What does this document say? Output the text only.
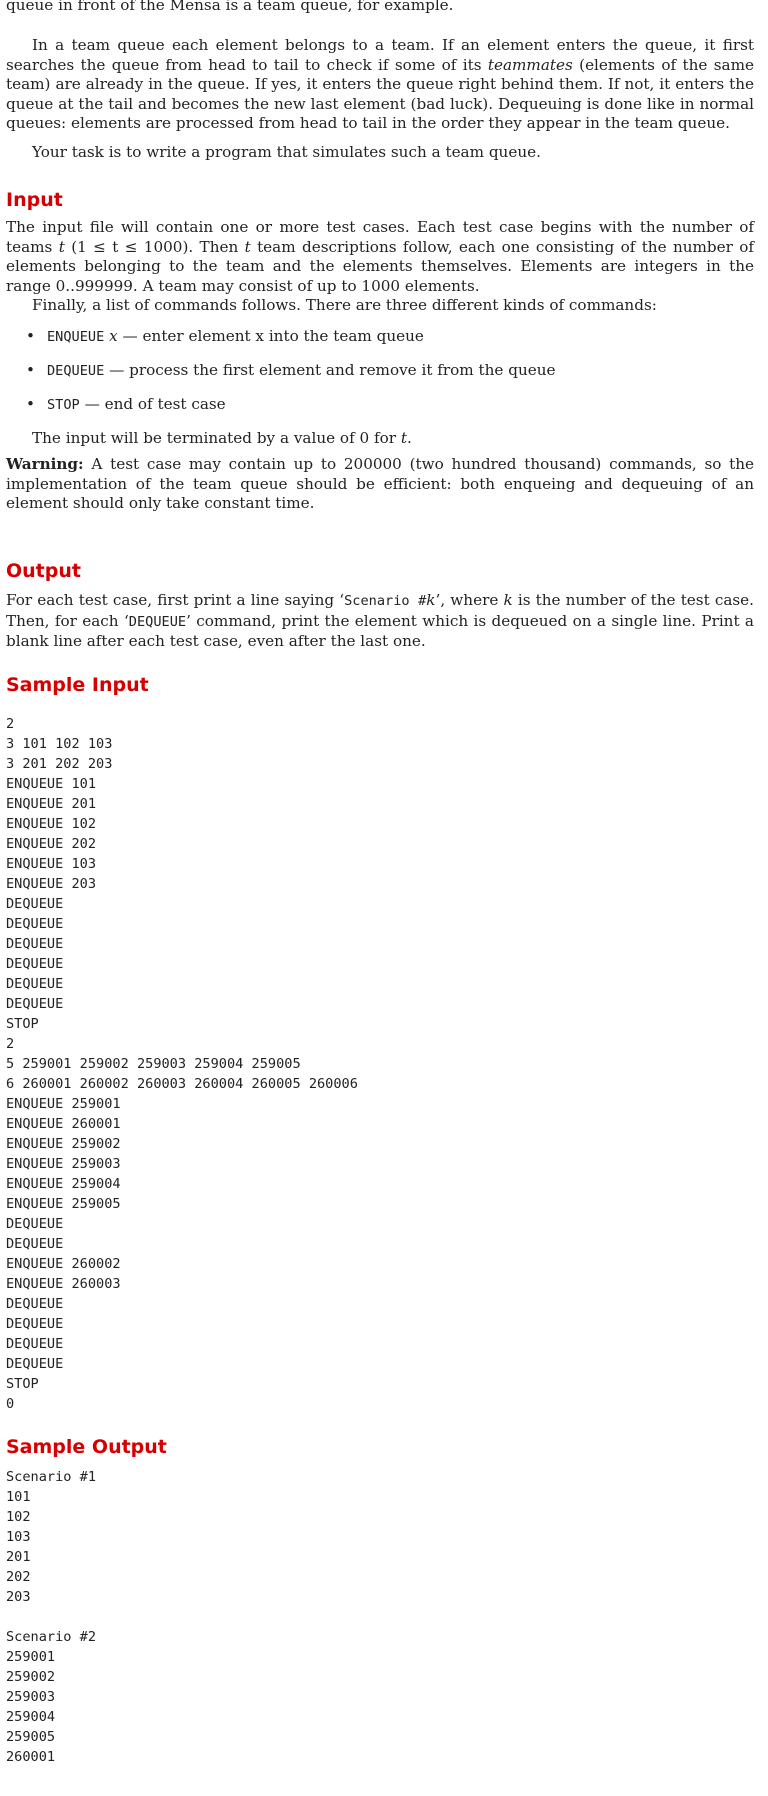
queue in front of the Mensa is a team queue, for example.

In a team queue each element belongs to a team. If an element enters the queue, it first searches the queue from head to tail to check if some of its teammates (elements of the same team) are already in the queue. If yes, it enters the queue right behind them. If not, it enters the queue at the tail and becomes the new last element (bad luck). Dequeuing is done like in normal queues: elements are processed from head to tail in the order they appear in the team queue.

Your task is to write a program that simulates such a team queue.

Input

The input file will contain one or more test cases. Each test case begins with the number of teams t (1 ≤ t ≤ 1000). Then t team descriptions follow, each one consisting of the number of elements belonging to the team and the elements themselves. Elements are integers in the range 0..999999. A team may consist of up to 1000 elements.

Finally, a list of commands follows. There are three different kinds of commands:

• ENQUEUE x — enter element x into the team queue
• DEQUEUE — process the first element and remove it from the queue
• STOP — end of test case

The input will be terminated by a value of 0 for t.

Warning: A test case may contain up to 200000 (two hundred thousand) commands, so the implementation of the team queue should be efficient: both enqueing and dequeuing of an element should only take constant time.

Output

For each test case, first print a line saying ‘Scenario #k’, where k is the number of the test case. Then, for each ‘DEQUEUE’ command, print the element which is dequeued on a single line. Print a blank line after each test case, even after the last one.

Sample Input
2
3 101 102 103
3 201 202 203
ENQUEUE 101
ENQUEUE 201
ENQUEUE 102
ENQUEUE 202
ENQUEUE 103
ENQUEUE 203
DEQUEUE
DEQUEUE
DEQUEUE
DEQUEUE
DEQUEUE
DEQUEUE
STOP
2
5 259001 259002 259003 259004 259005
6 260001 260002 260003 260004 260005 260006
ENQUEUE 259001
ENQUEUE 260001
ENQUEUE 259002
ENQUEUE 259003
ENQUEUE 259004
ENQUEUE 259005
DEQUEUE
DEQUEUE
ENQUEUE 260002
ENQUEUE 260003
DEQUEUE
DEQUEUE
DEQUEUE
DEQUEUE
STOP
0
Sample Output
Scenario #1
101
102
103
201
202
203
Scenario #2
259001
259002
259003
259004
259005
260001
